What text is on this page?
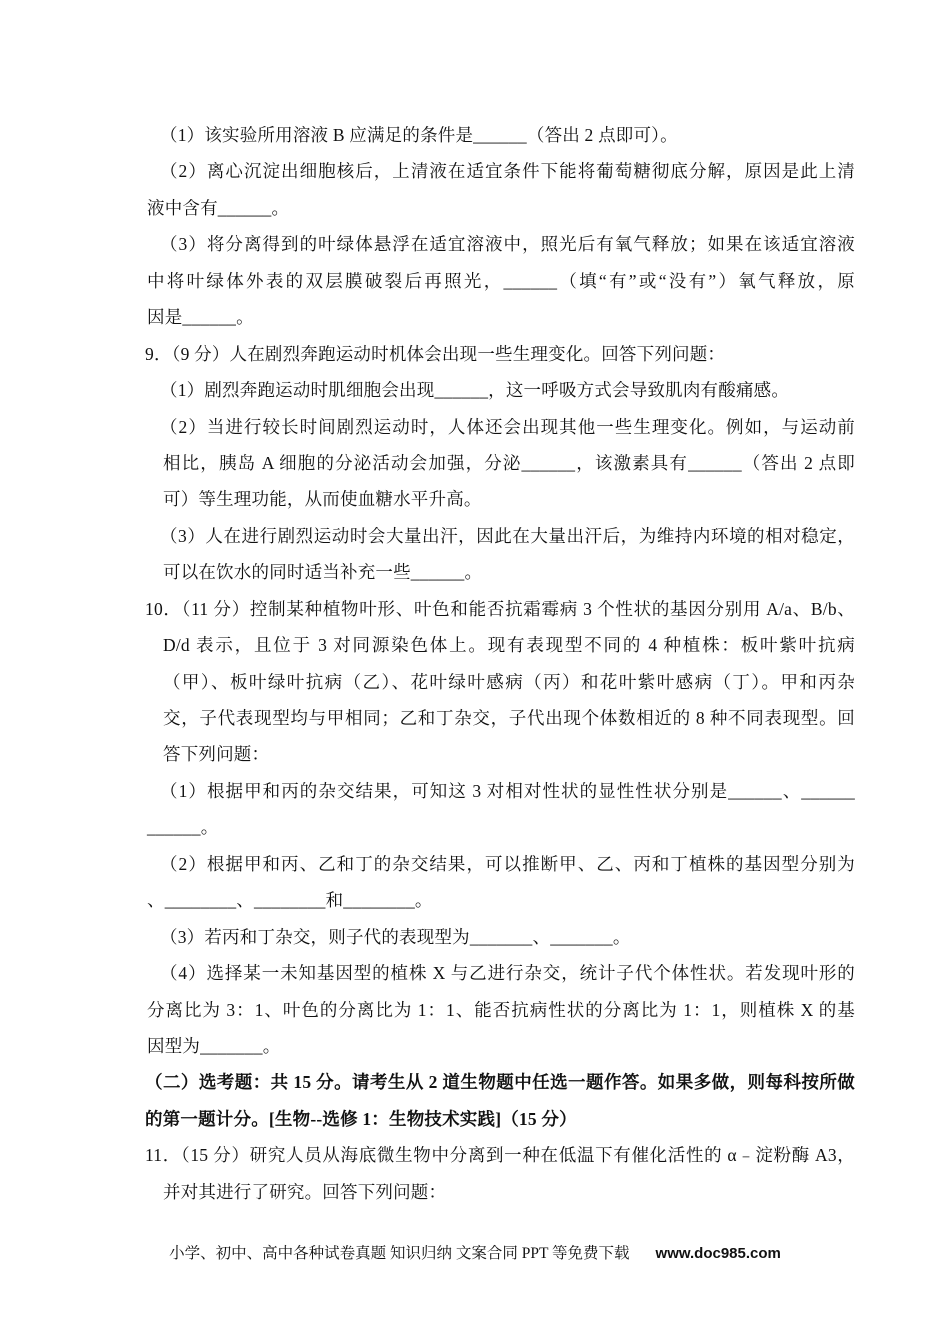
（1）该实验所用溶液 B 应满足的条件是______（答出 2 点即可）。
（2）离心沉淀出细胞核后，上清液在适宜条件下能将葡萄糖彻底分解，原因是此上清
液中含有______。
（3）将分离得到的叶绿体悬浮在适宜溶液中，照光后有氧气释放；如果在该适宜溶液
中将叶绿体外表的双层膜破裂后再照光，______（填“有”或“没有”）氧气释放，原
因是______。
9．（9 分）人在剧烈奔跑运动时机体会出现一些生理变化。回答下列问题：
（1）剧烈奔跑运动时肌细胞会出现______，这一呼吸方式会导致肌肉有酸痛感。
（2）当进行较长时间剧烈运动时，人体还会出现其他一些生理变化。例如，与运动前
相比，胰岛 A 细胞的分泌活动会加强，分泌______，该激素具有______（答出 2 点即
可）等生理功能，从而使血糖水平升高。
（3）人在进行剧烈运动时会大量出汗，因此在大量出汗后，为维持内环境的相对稳定，
可以在饮水的同时适当补充一些______。
10．（11 分）控制某种植物叶形、叶色和能否抗霜霉病 3 个性状的基因分别用 A/a、B/b、
D/d 表示，且位于 3 对同源染色体上。现有表现型不同的 4 种植株：板叶紫叶抗病
（甲）、板叶绿叶抗病（乙）、花叶绿叶感病（丙）和花叶紫叶感病（丁）。甲和丙杂
交，子代表现型均与甲相同；乙和丁杂交，子代出现个体数相近的 8 种不同表现型。回
答下列问题：
（1）根据甲和丙的杂交结果，可知这 3 对相对性状的显性性状分别是______、______
______。
（2）根据甲和丙、乙和丁的杂交结果，可以推断甲、乙、丙和丁植株的基因型分别为
、________、________和________。
（3）若丙和丁杂交，则子代的表现型为_______、_______。
（4）选择某一未知基因型的植株 X 与乙进行杂交，统计子代个体性状。若发现叶形的
分离比为 3：1、叶色的分离比为 1：1、能否抗病性状的分离比为 1：1，则植株 X 的基
因型为_______。
（二）选考题：共 15 分。请考生从 2 道生物题中任选一题作答。如果多做，则每科按所做
的第一题计分。[生物--选修 1：生物技术实践]（15 分）
11．（15 分）研究人员从海底微生物中分离到一种在低温下有催化活性的 α﹣淀粉酶 A3，
并对其进行了研究。回答下列问题：
小学、初中、高中各种试卷真题 知识归纳 文案合同 PPT 等免费下载 www.doc985.com
